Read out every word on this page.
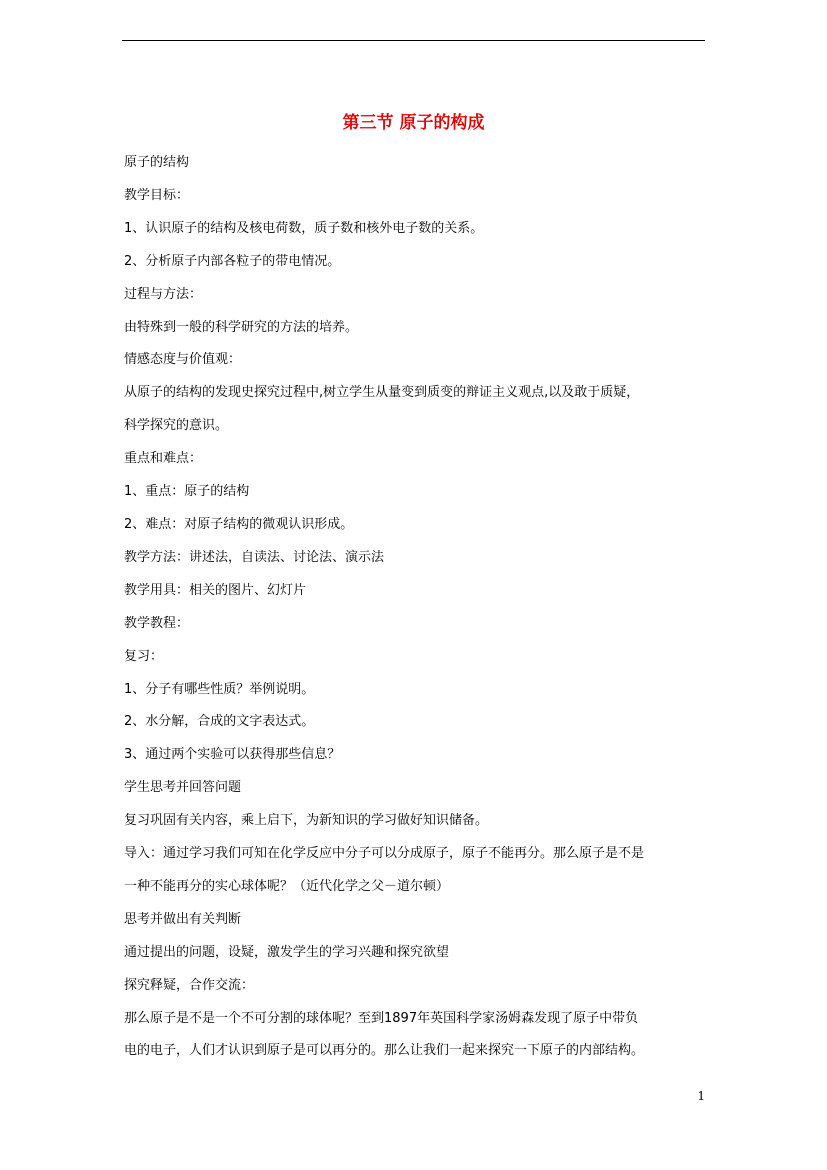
第三节 原子的构成

原子的结构

教学目标：

1、认识原子的结构及核电荷数，质子数和核外电子数的关系。

2、分析原子内部各粒子的带电情况。

过程与方法：

由特殊到一般的科学研究的方法的培养。

情感态度与价值观：

从原子的结构的发现史探究过程中,树立学生从量变到质变的辩证主义观点,以及敢于质疑，

科学探究的意识。

重点和难点：

1、重点：原子的结构

2、难点：对原子结构的微观认识形成。

教学方法：讲述法，自读法、讨论法、演示法

教学用具：相关的图片、幻灯片

教学教程：

复习：

1、分子有哪些性质？举例说明。

2、水分解，合成的文字表达式。

3、通过两个实验可以获得那些信息？

学生思考并回答问题

复习巩固有关内容，乘上启下，为新知识的学习做好知识储备。

导入：通过学习我们可知在化学反应中分子可以分成原子，原子不能再分。那么原子是不是

一种不能再分的实心球体呢？（近代化学之父－道尔顿）

思考并做出有关判断

通过提出的问题，设疑，激发学生的学习兴趣和探究欲望

探究释疑，合作交流：

那么原子是不是一个不可分割的球体呢？至到1897年英国科学家汤姆森发现了原子中带负

电的电子，人们才认识到原子是可以再分的。那么让我们一起来探究一下原子的内部结构。

1
